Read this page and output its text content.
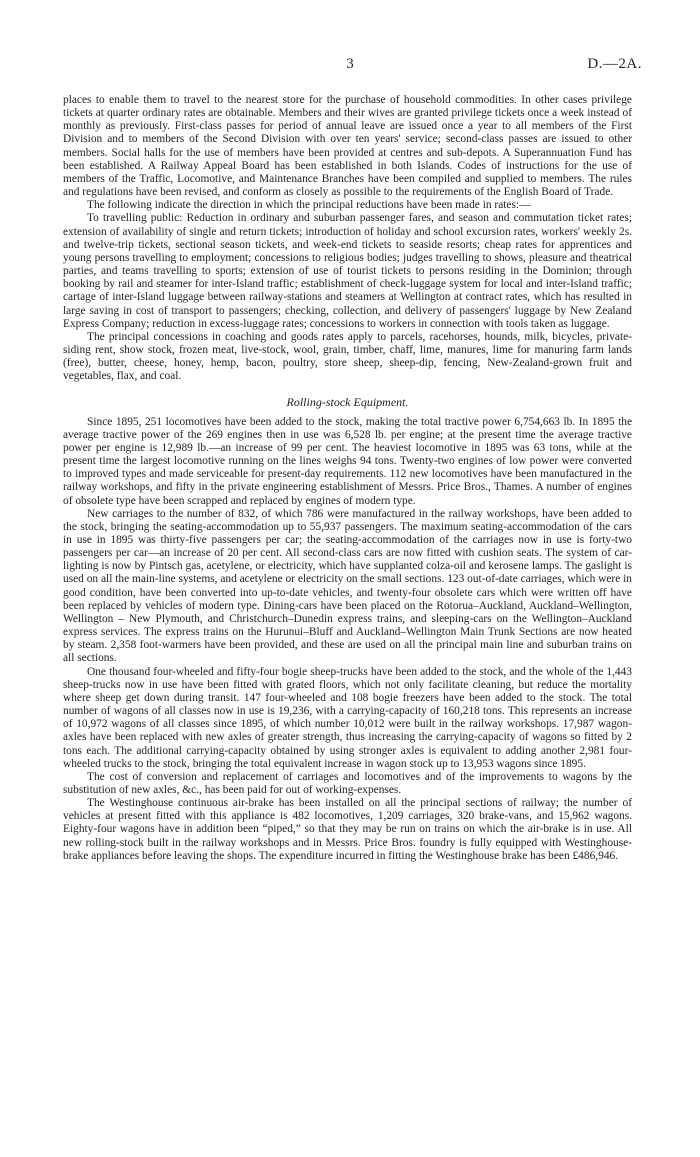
3	D.—2A.

places to enable them to travel to the nearest store for the purchase of household commodities. In other cases privilege tickets at quarter ordinary rates are obtainable. Members and their wives are granted privilege tickets once a week instead of monthly as previously. First-class passes for period of annual leave are issued once a year to all members of the First Division and to members of the Second Division with over ten years' service; second-class passes are issued to other members. Social halls for the use of members have been provided at centres and sub-depots. A Superannuation Fund has been established. A Railway Appeal Board has been established in both Islands. Codes of instructions for the use of members of the Traffic, Locomotive, and Maintenance Branches have been compiled and supplied to members. The rules and regulations have been revised, and conform as closely as possible to the requirements of the English Board of Trade.

The following indicate the direction in which the principal reductions have been made in rates:—

To travelling public: Reduction in ordinary and suburban passenger fares, and season and commutation ticket rates; extension of availability of single and return tickets; introduction of holiday and school excursion rates, workers' weekly 2s. and twelve-trip tickets, sectional season tickets, and week-end tickets to seaside resorts; cheap rates for apprentices and young persons travelling to employment; concessions to religious bodies; judges travelling to shows, pleasure and theatrical parties, and teams travelling to sports; extension of use of tourist tickets to persons residing in the Dominion; through booking by rail and steamer for inter-Island traffic; establishment of check-luggage system for local and inter-Island traffic; cartage of inter-Island luggage between railway-stations and steamers at Wellington at contract rates, which has resulted in large saving in cost of transport to passengers; checking, collection, and delivery of passengers' luggage by New Zealand Express Company; reduction in excess-luggage rates; concessions to workers in connection with tools taken as luggage.

The principal concessions in coaching and goods rates apply to parcels, racehorses, hounds, milk, bicycles, private-siding rent, show stock, frozen meat, live-stock, wool, grain, timber, chaff, lime, manures, lime for manuring farm lands (free), butter, cheese, honey, hemp, bacon, poultry, store sheep, sheep-dip, fencing, New-Zealand-grown fruit and vegetables, flax, and coal.

Rolling-stock Equipment.

Since 1895, 251 locomotives have been added to the stock, making the total tractive power 6,754,663 lb. In 1895 the average tractive power of the 269 engines then in use was 6,528 lb. per engine; at the present time the average tractive power per engine is 12,989 lb.—an increase of 99 per cent. The heaviest locomotive in 1895 was 63 tons, while at the present time the largest locomotive running on the lines weighs 94 tons. Twenty-two engines of low power were converted to improved types and made serviceable for present-day requirements. 112 new locomotives have been manufactured in the railway workshops, and fifty in the private engineering establishment of Messrs. Price Bros., Thames. A number of engines of obsolete type have been scrapped and replaced by engines of modern type.

New carriages to the number of 832, of which 786 were manufactured in the railway workshops, have been added to the stock, bringing the seating-accommodation up to 55,937 passengers. The maximum seating-accommodation of the cars in use in 1895 was thirty-five passengers per car; the seating-accommodation of the carriages now in use is forty-two passengers per car—an increase of 20 per cent. All second-class cars are now fitted with cushion seats. The system of car-lighting is now by Pintsch gas, acetylene, or electricity, which have supplanted colza-oil and kerosene lamps. The gaslight is used on all the main-line systems, and acetylene or electricity on the small sections. 123 out-of-date carriages, which were in good condition, have been converted into up-to-date vehicles, and twenty-four obsolete cars which were written off have been replaced by vehicles of modern type. Dining-cars have been placed on the Rotorua–Auckland, Auckland–Wellington, Wellington – New Plymouth, and Christchurch–Dunedin express trains, and sleeping-cars on the Wellington–Auckland express services. The express trains on the Hurunui–Bluff and Auckland–Wellington Main Trunk Sections are now heated by steam. 2,358 foot-warmers have been provided, and these are used on all the principal main line and suburban trains on all sections.

One thousand four-wheeled and fifty-four bogie sheep-trucks have been added to the stock, and the whole of the 1,443 sheep-trucks now in use have been fitted with grated floors, which not only facilitate cleaning, but reduce the mortality where sheep get down during transit. 147 four-wheeled and 108 bogie freezers have been added to the stock. The total number of wagons of all classes now in use is 19,236, with a carrying-capacity of 160,218 tons. This represents an increase of 10,972 wagons of all classes since 1895, of which number 10,012 were built in the railway workshops. 17,987 wagon-axles have been replaced with new axles of greater strength, thus increasing the carrying-capacity of wagons so fitted by 2 tons each. The additional carrying-capacity obtained by using stronger axles is equivalent to adding another 2,981 four-wheeled trucks to the stock, bringing the total equivalent increase in wagon stock up to 13,953 wagons since 1895.

The cost of conversion and replacement of carriages and locomotives and of the improvements to wagons by the substitution of new axles, &c., has been paid for out of working-expenses.

The Westinghouse continuous air-brake has been installed on all the principal sections of railway; the number of vehicles at present fitted with this appliance is 482 locomotives, 1,209 carriages, 320 brake-vans, and 15,962 wagons. Eighty-four wagons have in addition been “piped,” so that they may be run on trains on which the air-brake is in use. All new rolling-stock built in the railway workshops and in Messrs. Price Bros. foundry is fully equipped with Westinghouse-brake appliances before leaving the shops. The expenditure incurred in fitting the Westinghouse brake has been £486,946.
